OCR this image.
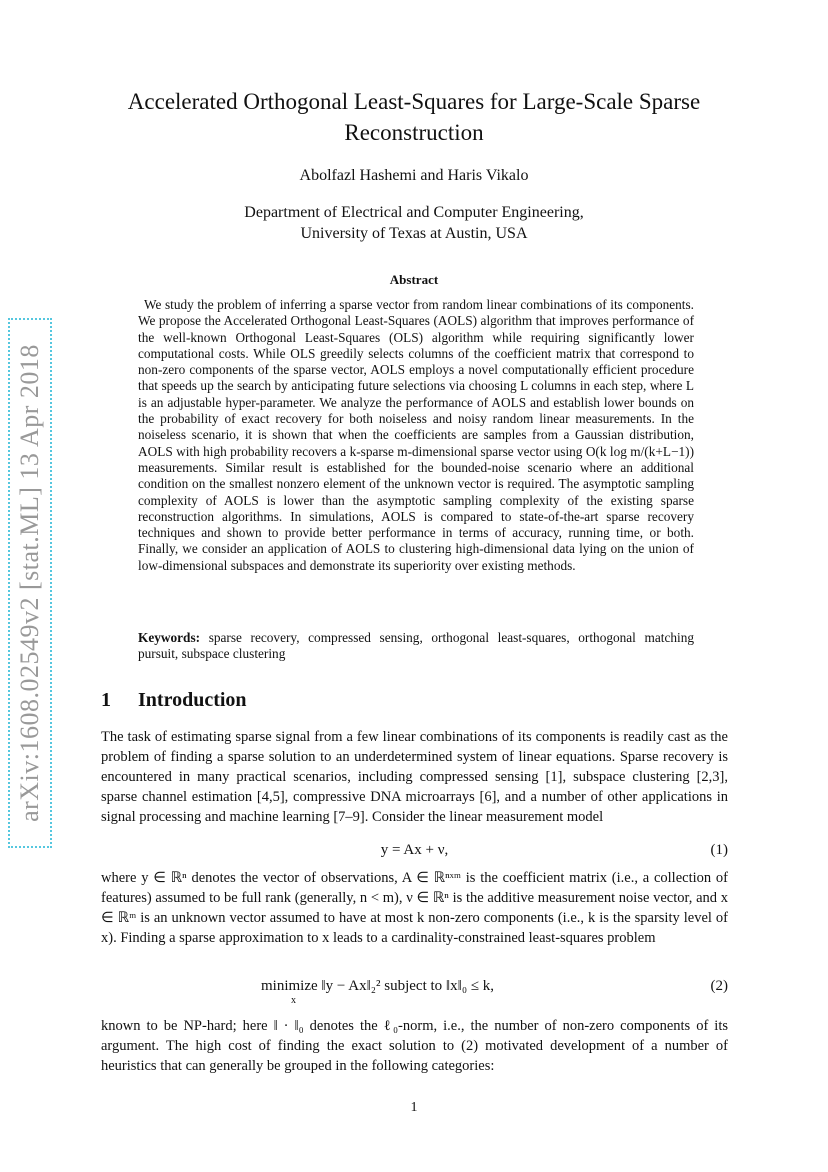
arXiv:1608.02549v2 [stat.ML] 13 Apr 2018
Accelerated Orthogonal Least-Squares for Large-Scale Sparse Reconstruction
Abolfazl Hashemi and Haris Vikalo
Department of Electrical and Computer Engineering,
University of Texas at Austin, USA
Abstract
We study the problem of inferring a sparse vector from random linear combinations of its components. We propose the Accelerated Orthogonal Least-Squares (AOLS) algorithm that improves performance of the well-known Orthogonal Least-Squares (OLS) algorithm while requiring significantly lower computational costs. While OLS greedily selects columns of the coefficient matrix that correspond to non-zero components of the sparse vector, AOLS employs a novel computationally efficient procedure that speeds up the search by anticipating future selections via choosing L columns in each step, where L is an adjustable hyper-parameter. We analyze the performance of AOLS and establish lower bounds on the probability of exact recovery for both noiseless and noisy random linear measurements. In the noiseless scenario, it is shown that when the coefficients are samples from a Gaussian distribution, AOLS with high probability recovers a k-sparse m-dimensional sparse vector using O(k log m/(k+L−1)) measurements. Similar result is established for the bounded-noise scenario where an additional condition on the smallest nonzero element of the unknown vector is required. The asymptotic sampling complexity of AOLS is lower than the asymptotic sampling complexity of the existing sparse reconstruction algorithms. In simulations, AOLS is compared to state-of-the-art sparse recovery techniques and shown to provide better performance in terms of accuracy, running time, or both. Finally, we consider an application of AOLS to clustering high-dimensional data lying on the union of low-dimensional subspaces and demonstrate its superiority over existing methods.
Keywords: sparse recovery, compressed sensing, orthogonal least-squares, orthogonal matching pursuit, subspace clustering
1 Introduction
The task of estimating sparse signal from a few linear combinations of its components is readily cast as the problem of finding a sparse solution to an underdetermined system of linear equations. Sparse recovery is encountered in many practical scenarios, including compressed sensing [1], subspace clustering [2,3], sparse channel estimation [4,5], compressive DNA microarrays [6], and a number of other applications in signal processing and machine learning [7–9]. Consider the linear measurement model
y = Ax + ν,	(1)
where y ∈ ℝⁿ denotes the vector of observations, A ∈ ℝⁿˣᵐ is the coefficient matrix (i.e., a collection of features) assumed to be full rank (generally, n < m), ν ∈ ℝⁿ is the additive measurement noise vector, and x ∈ ℝᵐ is an unknown vector assumed to have at most k non-zero components (i.e., k is the sparsity level of x). Finding a sparse approximation to x leads to a cardinality-constrained least-squares problem
minimize ‖y − Ax‖₂² subject to ‖x‖₀ ≤ k,
x
(2)
known to be NP-hard; here ‖ · ‖₀ denotes the ℓ₀-norm, i.e., the number of non-zero components of its argument. The high cost of finding the exact solution to (2) motivated development of a number of heuristics that can generally be grouped in the following categories:
1
